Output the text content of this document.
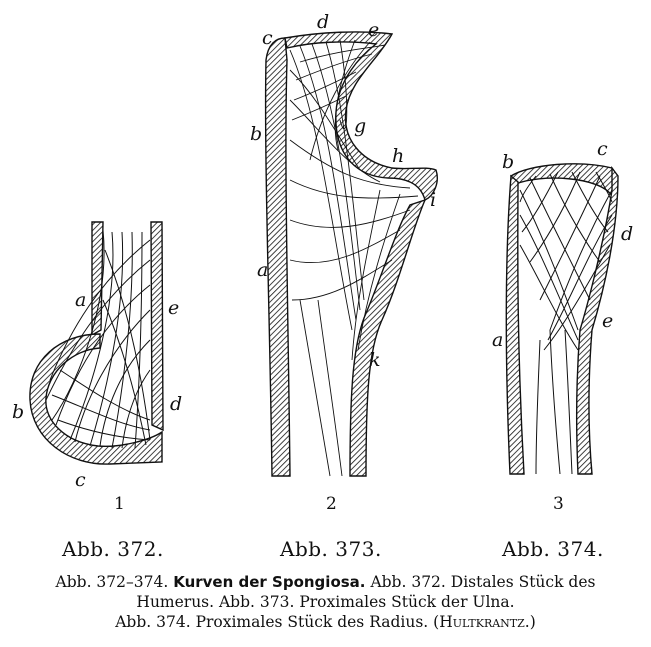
a
b
c
d
e
1
c
d e
b	g
h
i
a
k
2
b
c
d
a
e
3
Abb. 372.	Abb. 373.	Abb. 374.
Abb. 372–374. Kurven der Spongiosa. Abb. 372. Distales Stück des
Humerus. Abb. 373. Proximales Stück der Ulna.
Abb. 374. Proximales Stück des Radius. (Hultkrantz.)
